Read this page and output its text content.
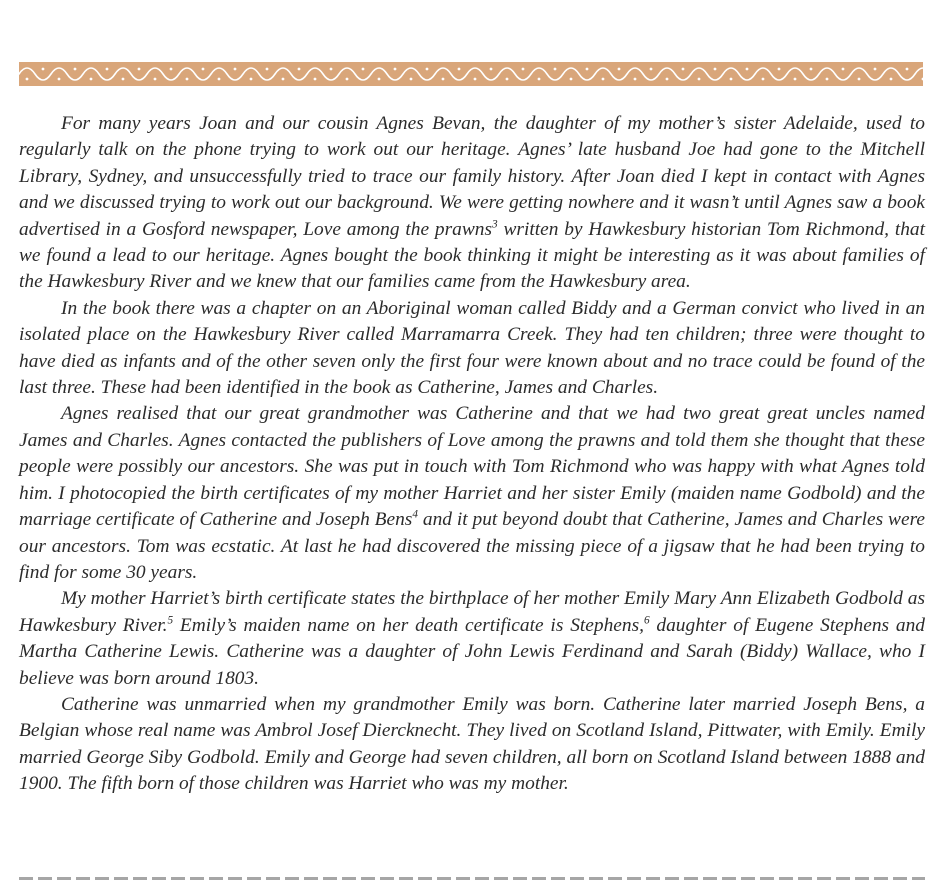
For many years Joan and our cousin Agnes Bevan, the daughter of my mother’s sister Adelaide, used to regularly talk on the phone trying to work out our heritage. Agnes’ late husband Joe had gone to the Mitchell Library, Sydney, and unsuccessfully tried to trace our family history. After Joan died I kept in contact with Agnes and we discussed trying to work out our background. We were getting nowhere and it wasn’t until Agnes saw a book advertised in a Gosford newspaper, Love among the prawns$^3$ written by Hawkesbury historian Tom Richmond, that we found a lead to our heritage. Agnes bought the book thinking it might be interesting as it was about families of the Hawkesbury River and we knew that our families came from the Hawkesbury area.

In the book there was a chapter on an Aboriginal woman called Biddy and a German convict who lived in an isolated place on the Hawkesbury River called Marramarra Creek. They had ten children; three were thought to have died as infants and of the other seven only the first four were known about and no trace could be found of the last three. These had been identified in the book as Catherine, James and Charles.

Agnes realised that our great grandmother was Catherine and that we had two great great uncles named James and Charles. Agnes contacted the publishers of Love among the prawns and told them she thought that these people were possibly our ancestors. She was put in touch with Tom Richmond who was happy with what Agnes told him. I photocopied the birth certificates of my mother Harriet and her sister Emily (maiden name Godbold) and the marriage certificate of Catherine and Joseph Bens$^4$ and it put beyond doubt that Catherine, James and Charles were our ancestors. Tom was ecstatic. At last he had discovered the missing piece of a jigsaw that he had been trying to find for some 30 years.

My mother Harriet’s birth certificate states the birthplace of her mother Emily Mary Ann Elizabeth Godbold as Hawkesbury River.$^5$ Emily’s maiden name on her death certificate is Stephens,$^6$ daughter of Eugene Stephens and Martha Catherine Lewis. Catherine was a daughter of John Lewis Ferdinand and Sarah (Biddy) Wallace, who I believe was born around 1803.

Catherine was unmarried when my grandmother Emily was born. Catherine later married Joseph Bens, a Belgian whose real name was Ambrol Josef Diercknecht. They lived on Scotland Island, Pittwater, with Emily. Emily married George Siby Godbold. Emily and George had seven children, all born on Scotland Island between 1888 and 1900. The fifth born of those children was Harriet who was my mother.
